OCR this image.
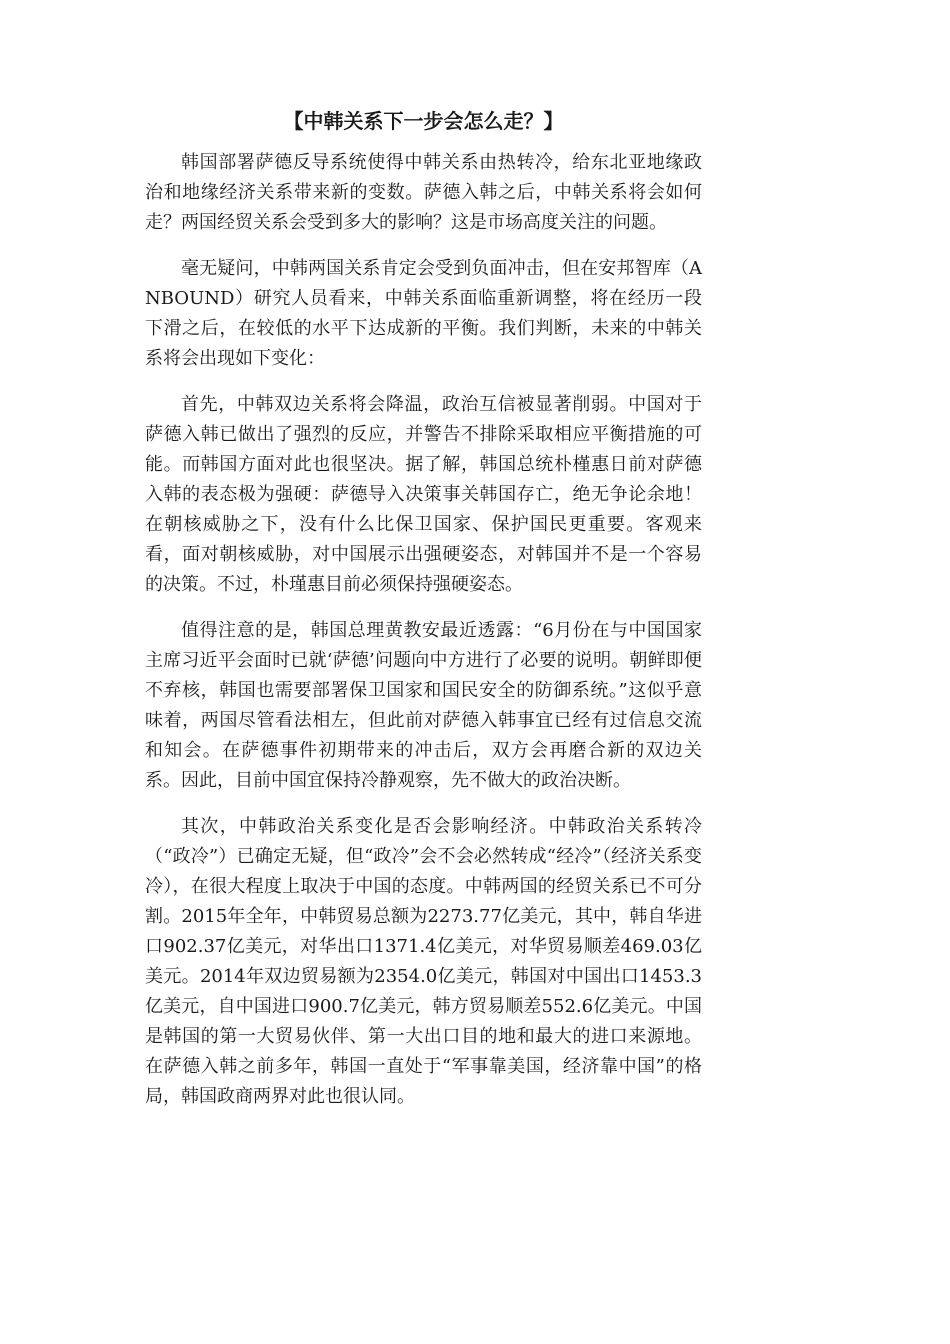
【中韩关系下一步会怎么走？】

韩国部署萨德反导系统使得中韩关系由热转冷，给东北亚地缘政治和地缘经济关系带来新的变数。萨德入韩之后，中韩关系将会如何走？两国经贸关系会受到多大的影响？这是市场高度关注的问题。

毫无疑问，中韩两国关系肯定会受到负面冲击，但在安邦智库（ANBOUND）研究人员看来，中韩关系面临重新调整，将在经历一段下滑之后，在较低的水平下达成新的平衡。我们判断，未来的中韩关系将会出现如下变化：

首先，中韩双边关系将会降温，政治互信被显著削弱。中国对于萨德入韩已做出了强烈的反应，并警告不排除采取相应平衡措施的可能。而韩国方面对此也很坚决。据了解，韩国总统朴槿惠日前对萨德入韩的表态极为强硬：萨德导入决策事关韩国存亡，绝无争论余地！在朝核威胁之下，没有什么比保卫国家、保护国民更重要。客观来看，面对朝核威胁，对中国展示出强硬姿态，对韩国并不是一个容易的决策。不过，朴瑾惠目前必须保持强硬姿态。

值得注意的是，韩国总理黄教安最近透露：“6月份在与中国国家主席习近平会面时已就‘萨德’问题向中方进行了必要的说明。朝鲜即便不弃核，韩国也需要部署保卫国家和国民安全的防御系统。”这似乎意味着，两国尽管看法相左，但此前对萨德入韩事宜已经有过信息交流和知会。在萨德事件初期带来的冲击后，双方会再磨合新的双边关系。因此，目前中国宜保持冷静观察，先不做大的政治决断。

其次，中韩政治关系变化是否会影响经济。中韩政治关系转冷（“政冷”）已确定无疑，但“政冷”会不会必然转成“经冷”（经济关系变冷），在很大程度上取决于中国的态度。中韩两国的经贸关系已不可分割。2015年全年，中韩贸易总额为2273.77亿美元，其中，韩自华进口902.37亿美元，对华出口1371.4亿美元，对华贸易顺差469.03亿美元。2014年双边贸易额为2354.0亿美元，韩国对中国出口1453.3亿美元，自中国进口900.7亿美元，韩方贸易顺差552.6亿美元。中国是韩国的第一大贸易伙伴、第一大出口目的地和最大的进口来源地。在萨德入韩之前多年，韩国一直处于“军事靠美国，经济靠中国”的格局，韩国政商两界对此也很认同。
